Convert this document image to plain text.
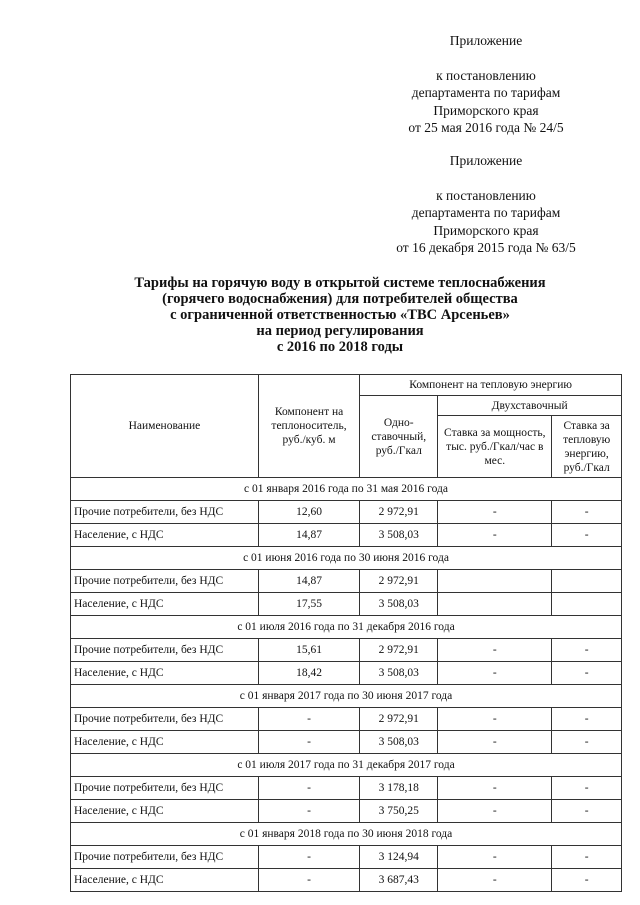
Приложение
к постановлению
департамента по тарифам
Приморского края
от 25 мая 2016 года № 24/5
Приложение
к постановлению
департамента по тарифам
Приморского края
от 16 декабря 2015 года № 63/5
Тарифы на горячую воду в открытой системе теплоснабжения
(горячего водоснабжения) для потребителей общества
с ограниченной ответственностью «ТВС Арсеньев»
на период регулирования
с 2016 по 2018 годы
Наименование	Компонент на теплоноситель, руб./куб. м	Компонент на тепловую энергию		
		Одно-ставочный, руб./Гкал	Двухставочный	
			Ставка за мощность, тыс. руб./Гкал/час в мес.	Ставка за тепловую энергию, руб./Гкал
с 01 января 2016 года по 31 мая 2016 года				
Прочие потребители, без НДС	12,60	2 972,91	-	-
Население, с НДС	14,87	3 508,03	-	-
с 01 июня 2016 года по 30 июня 2016 года				
Прочие потребители, без НДС	14,87	2 972,91		
Население, с НДС	17,55	3 508,03		
с 01 июля 2016 года по 31 декабря 2016 года				
Прочие потребители, без НДС	15,61	2 972,91	-	-
Население, с НДС	18,42	3 508,03	-	-
с 01 января 2017 года по 30 июня 2017 года				
Прочие потребители, без НДС	-	2 972,91	-	-
Население, с НДС	-	3 508,03	-	-
с 01 июля 2017 года по 31 декабря 2017 года				
Прочие потребители, без НДС	-	3 178,18	-	-
Население, с НДС	-	3 750,25	-	-
с 01 января 2018 года по 30 июня 2018 года				
Прочие потребители, без НДС	-	3 124,94	-	-
Население, с НДС	-	3 687,43	-	-
